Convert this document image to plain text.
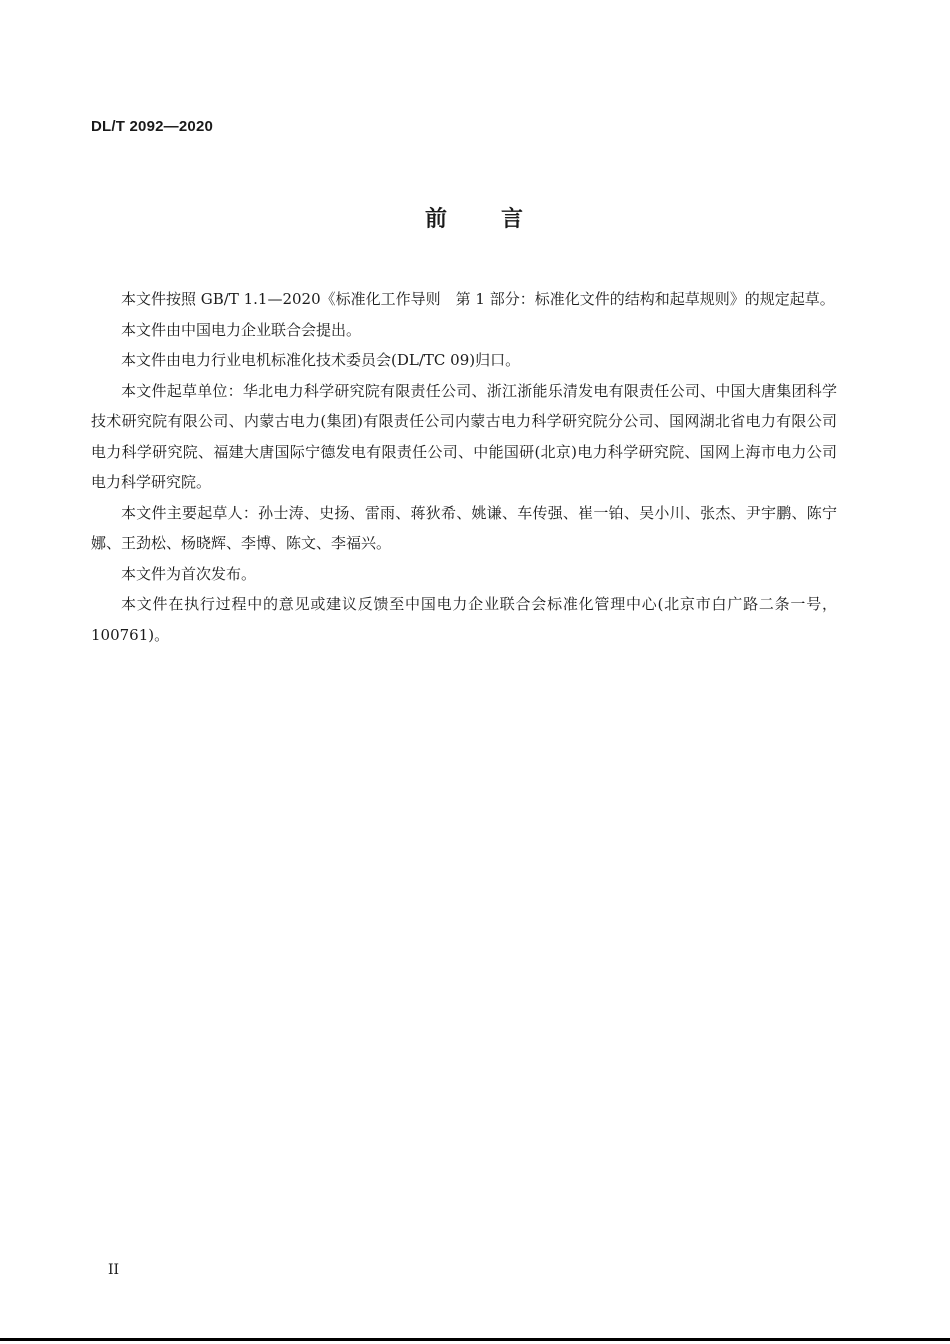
DL/T 2092—2020
前 言

本文件按照 GB/T 1.1—2020《标准化工作导则　第 1 部分：标准化文件的结构和起草规则》的规定起草。

本文件由中国电力企业联合会提出。

本文件由电力行业电机标准化技术委员会(DL/TC 09)归口。

本文件起草单位：华北电力科学研究院有限责任公司、浙江浙能乐清发电有限责任公司、中国大唐集团科学技术研究院有限公司、内蒙古电力(集团)有限责任公司内蒙古电力科学研究院分公司、国网湖北省电力有限公司电力科学研究院、福建大唐国际宁德发电有限责任公司、中能国研(北京)电力科学研究院、国网上海市电力公司电力科学研究院。

本文件主要起草人：孙士涛、史扬、雷雨、蒋狄希、姚谦、车传强、崔一铂、吴小川、张杰、尹宇鹏、陈宁娜、王劲松、杨晓辉、李博、陈文、李福兴。

本文件为首次发布。

本文件在执行过程中的意见或建议反馈至中国电力企业联合会标准化管理中心(北京市白广路二条一号，100761)。

II
